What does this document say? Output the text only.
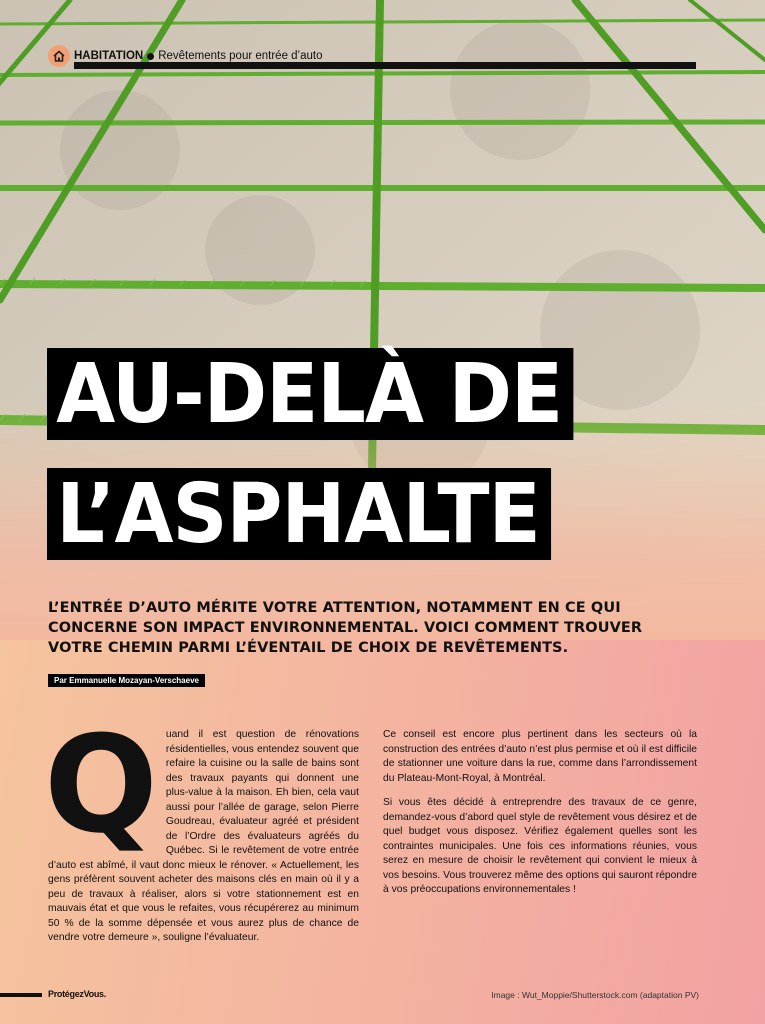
HABITATION Revêtements pour entrée d’auto
AU-DELÀ DE
L’ASPHALTE
L’ENTRÉE D’AUTO MÉRITE VOTRE ATTENTION, NOTAMMENT EN CE QUI CONCERNE SON IMPACT ENVIRONNEMENTAL. VOICI COMMENT TROUVER VOTRE CHEMIN PARMI L’ÉVENTAIL DE CHOIX DE REVÊTEMENTS.
Par Emmanuelle Mozayan-Verschaeve
Q uand il est question de rénovations résidentielles, vous entendez souvent que refaire la cuisine ou la salle de bains sont des travaux payants qui donnent une plus-value à la maison. Eh bien, cela vaut aussi pour l’allée de garage, selon Pierre Goudreau, évaluateur agréé et président de l’Ordre des évaluateurs agréés du Québec. Si le revêtement de votre entrée d’auto est abîmé, il vaut donc mieux le rénover. « Actuellement, les gens préfèrent souvent acheter des maisons clés en main où il y a peu de travaux à réaliser, alors si votre stationnement est en mauvais état et que vous le refaites, vous récupérerez au minimum 50 % de la somme dépensée et vous aurez plus de chance de vendre votre demeure », souligne l’évaluateur.

Ce conseil est encore plus pertinent dans les secteurs où la construction des entrées d’auto n’est plus permise et où il est difficile de stationner une voiture dans la rue, comme dans l’arrondissement du Plateau-Mont-Royal, à Montréal.

Si vous êtes décidé à entreprendre des travaux de ce genre, demandez-vous d’abord quel style de revêtement vous désirez et de quel budget vous disposez. Vérifiez également quelles sont les contraintes municipales. Une fois ces informations réunies, vous serez en mesure de choisir le revêtement qui convient le mieux à vos besoins. Vous trouverez même des options qui sauront répondre à vos préoccupations environnementales !

ProtégezVous.	Image : Wut_Moppie/Shutterstock.com (adaptation PV)
